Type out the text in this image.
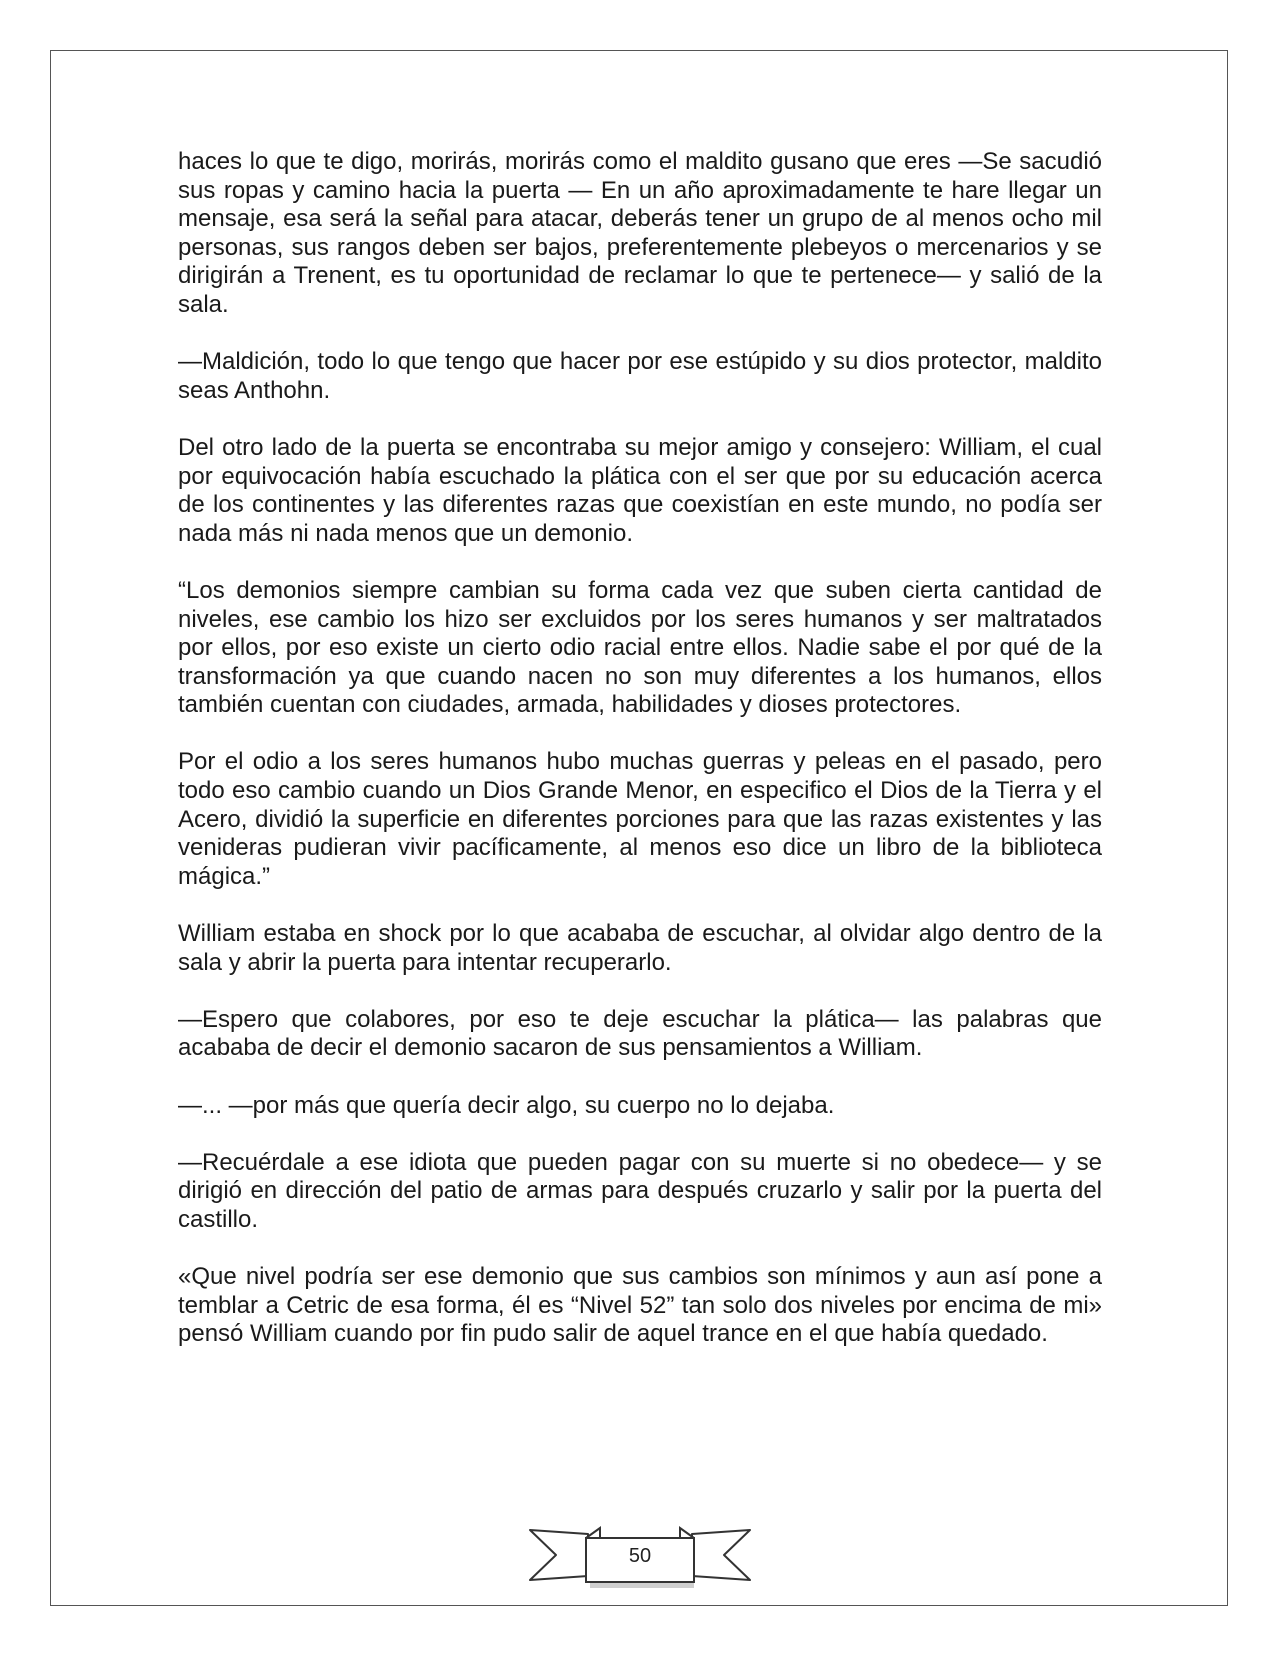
haces lo que te digo, morirás, morirás como el maldito gusano que eres —Se sacudió sus ropas y camino hacia la puerta — En un año aproximadamente te hare llegar un mensaje, esa será la señal para atacar, deberás tener un grupo de al menos ocho mil personas, sus rangos deben ser bajos, preferentemente plebeyos o mercenarios y se dirigirán a Trenent, es tu oportunidad de reclamar lo que te pertenece— y salió de la sala.

—Maldición, todo lo que tengo que hacer por ese estúpido y su dios protector, maldito seas Anthohn.

Del otro lado de la puerta se encontraba su mejor amigo y consejero: William, el cual por equivocación había escuchado la plática con el ser que por su educación acerca de los continentes y las diferentes razas que coexistían en este mundo, no podía ser nada más ni nada menos que un demonio.

“Los demonios siempre cambian su forma cada vez que suben cierta cantidad de niveles, ese cambio los hizo ser excluidos por los seres humanos y ser maltratados por ellos, por eso existe un cierto odio racial entre ellos. Nadie sabe el por qué de la transformación ya que cuando nacen no son muy diferentes a los humanos, ellos también cuentan con ciudades, armada, habilidades y dioses protectores.

Por el odio a los seres humanos hubo muchas guerras y peleas en el pasado, pero todo eso cambio cuando un Dios Grande Menor, en especifico el Dios de la Tierra y el Acero, dividió la superficie en diferentes porciones para que las razas existentes y las venideras pudieran vivir pacíficamente, al menos eso dice un libro de la biblioteca mágica.”

William estaba en shock por lo que acababa de escuchar, al olvidar algo dentro de la sala y abrir la puerta para intentar recuperarlo.

—Espero que colabores, por eso te deje escuchar la plática— las palabras que acababa de decir el demonio sacaron de sus pensamientos a William.

—... —por más que quería decir algo, su cuerpo no lo dejaba.

—Recuérdale a ese idiota que pueden pagar con su muerte si no obedece— y se dirigió en dirección del patio de armas para después cruzarlo y salir por la puerta del castillo.

«Que nivel podría ser ese demonio que sus cambios son mínimos y aun así pone a temblar a Cetric de esa forma, él es “Nivel 52” tan solo dos niveles por encima de mi» pensó William cuando por fin pudo salir de aquel trance en el que había quedado.

50
